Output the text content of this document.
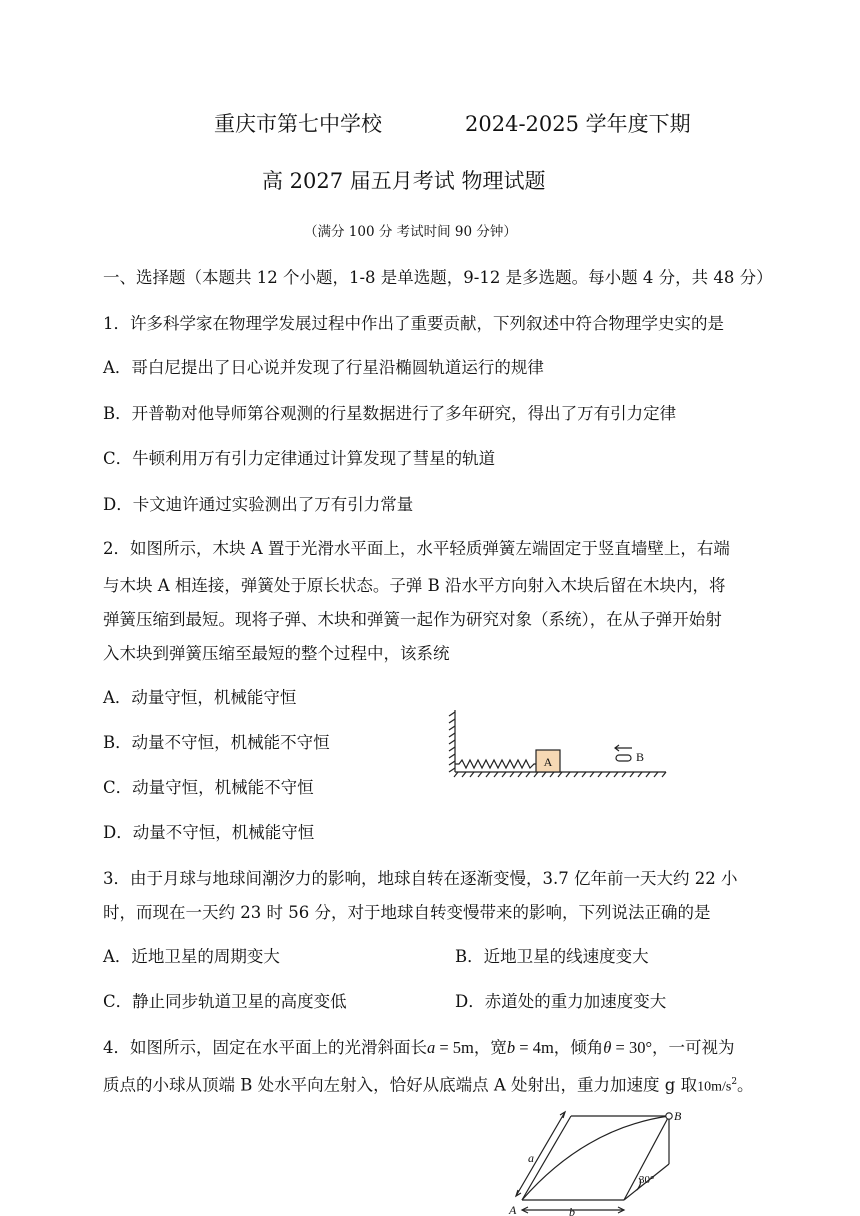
重庆市第七中学校	2024-2025 学年度下期
高 2027 届五月考试 物理试题
（满分 100 分 考试时间 90 分钟）
一、选择题（本题共 12 个小题，1-8 是单选题，9-12 是多选题。每小题 4 分，共 48 分）
1．许多科学家在物理学发展过程中作出了重要贡献，下列叙述中符合物理学史实的是
A．哥白尼提出了日心说并发现了行星沿椭圆轨道运行的规律
B．开普勒对他导师第谷观测的行星数据进行了多年研究，得出了万有引力定律
C．牛顿利用万有引力定律通过计算发现了彗星的轨道
D．卡文迪许通过实验测出了万有引力常量
2．如图所示，木块 A 置于光滑水平面上，水平轻质弹簧左端固定于竖直墙壁上，右端
与木块 A 相连接，弹簧处于原长状态。子弹 B 沿水平方向射入木块后留在木块内，将
弹簧压缩到最短。现将子弹、木块和弹簧一起作为研究对象（系统），在从子弹开始射
入木块到弹簧压缩至最短的整个过程中，该系统
A．动量守恒，机械能守恒
B．动量不守恒，机械能不守恒
C．动量守恒，机械能不守恒
D．动量不守恒，机械能守恒
A	B
3．由于月球与地球间潮汐力的影响，地球自转在逐渐变慢，3.7 亿年前一天大约 22 小
时，而现在一天约 23 时 56 分，对于地球自转变慢带来的影响，下列说法正确的是
A．近地卫星的周期变大	B．近地卫星的线速度变大
C．静止同步轨道卫星的高度变低	D．赤道处的重力加速度变大
4．如图所示，固定在水平面上的光滑斜面长a = 5m，宽b = 4m，倾角θ = 30°，一可视为
质点的小球从顶端 B 处水平向左射入，恰好从底端点 A 处射出，重力加速度 g 取$10m/s^2$。
B
A
a
b
30°
